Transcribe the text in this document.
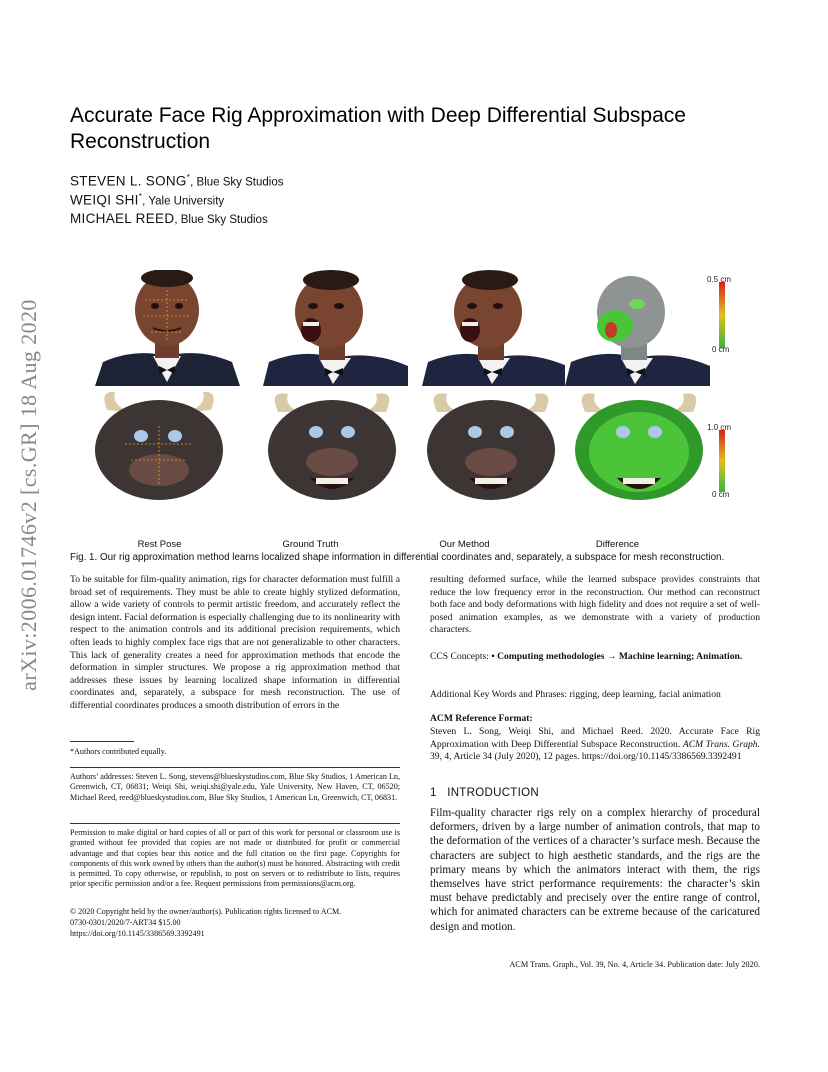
Accurate Face Rig Approximation with Deep Differential Subspace Reconstruction
STEVEN L. SONG*, Blue Sky Studios
WEIQI SHI*, Yale University
MICHAEL REED, Blue Sky Studios
arXiv:2006.01746v2 [cs.GR] 18 Aug 2020
0.5 cm
0 cm
1.0 cm
0 cm
Rest Pose	Ground Truth	Our Method	Difference
Fig. 1. Our rig approximation method learns localized shape information in differential coordinates and, separately, a subspace for mesh reconstruction.
To be suitable for film-quality animation, rigs for character deformation must fulfill a broad set of requirements. They must be able to create highly stylized deformation, allow a wide variety of controls to permit artistic freedom, and accurately reflect the design intent. Facial deformation is especially challenging due to its nonlinearity with respect to the animation controls and its additional precision requirements, which often leads to highly complex face rigs that are not generalizable to other characters. This lack of generality creates a need for approximation methods that encode the deformation in simpler structures. We propose a rig approximation method that addresses these issues by learning localized shape information in differential coordinates and, separately, a subspace for mesh reconstruction. The use of differential coordinates produces a smooth distribution of errors in the
*Authors contributed equally.
Authors’ addresses: Steven L. Song, stevens@blueskystudios.com, Blue Sky Studios, 1 American Ln, Greenwich, CT, 06831; Weiqi Shi, weiqi.shi@yale.edu, Yale University, New Haven, CT, 06520; Michael Reed, reed@blueskystudios.com, Blue Sky Studios, 1 American Ln, Greenwich, CT, 06831.
Permission to make digital or hard copies of all or part of this work for personal or classroom use is granted without fee provided that copies are not made or distributed for profit or commercial advantage and that copies bear this notice and the full citation on the first page. Copyrights for components of this work owned by others than the author(s) must be honored. Abstracting with credit is permitted. To copy otherwise, or republish, to post on servers or to redistribute to lists, requires prior specific permission and/or a fee. Request permissions from permissions@acm.org.
© 2020 Copyright held by the owner/author(s). Publication rights licensed to ACM.
0730-0301/2020/7-ART34 $15.00
https://doi.org/10.1145/3386569.3392491
resulting deformed surface, while the learned subspace provides constraints that reduce the low frequency error in the reconstruction. Our method can reconstruct both face and body deformations with high fidelity and does not require a set of well-posed animation examples, as we demonstrate with a variety of production characters.
CCS Concepts: • Computing methodologies → Machine learning; Animation.
Additional Key Words and Phrases: rigging, deep learning, facial animation
ACM Reference Format:
Steven L. Song, Weiqi Shi, and Michael Reed. 2020. Accurate Face Rig Approximation with Deep Differential Subspace Reconstruction. ACM Trans. Graph. 39, 4, Article 34 (July 2020), 12 pages. https://doi.org/10.1145/3386569.3392491
1 INTRODUCTION
Film-quality character rigs rely on a complex hierarchy of procedural deformers, driven by a large number of animation controls, that map to the deformation of the vertices of a character’s surface mesh. Because the characters are subject to high aesthetic standards, and the rigs are the primary means by which the animators interact with them, the rigs themselves have strict performance requirements: the character’s skin must behave predictably and precisely over the entire range of control, which for animated characters can be extreme because of the caricatured design and motion.
ACM Trans. Graph., Vol. 39, No. 4, Article 34. Publication date: July 2020.
